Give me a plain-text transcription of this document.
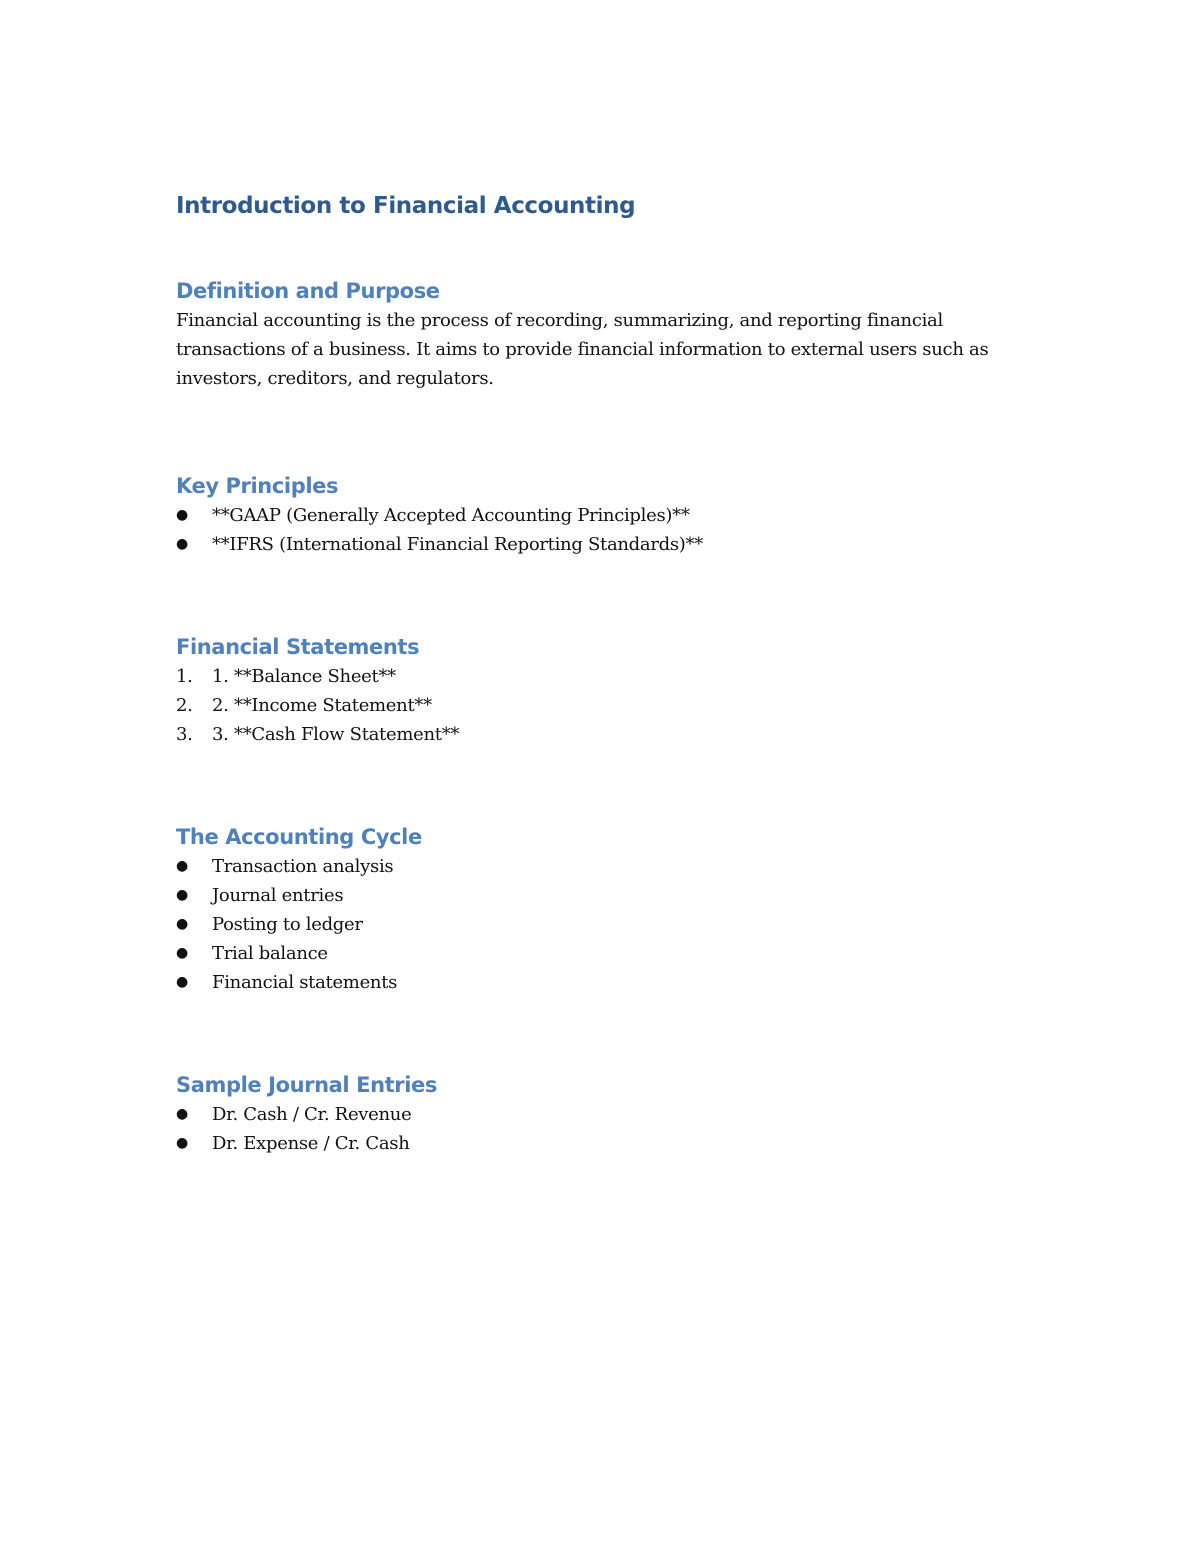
Introduction to Financial Accounting
Definition and Purpose

Financial accounting is the process of recording, summarizing, and reporting financial
transactions of a business. It aims to provide financial information to external users such as
investors, creditors, and regulators.

Key Principles
●	**GAAP (Generally Accepted Accounting Principles)**
●	**IFRS (International Financial Reporting Standards)**
Financial Statements
1.	1. **Balance Sheet**
2.	2. **Income Statement**
3.	3. **Cash Flow Statement**
The Accounting Cycle
●	Transaction analysis
●	Journal entries
●	Posting to ledger
●	Trial balance
●	Financial statements
Sample Journal Entries
●	Dr. Cash / Cr. Revenue
●	Dr. Expense / Cr. Cash
